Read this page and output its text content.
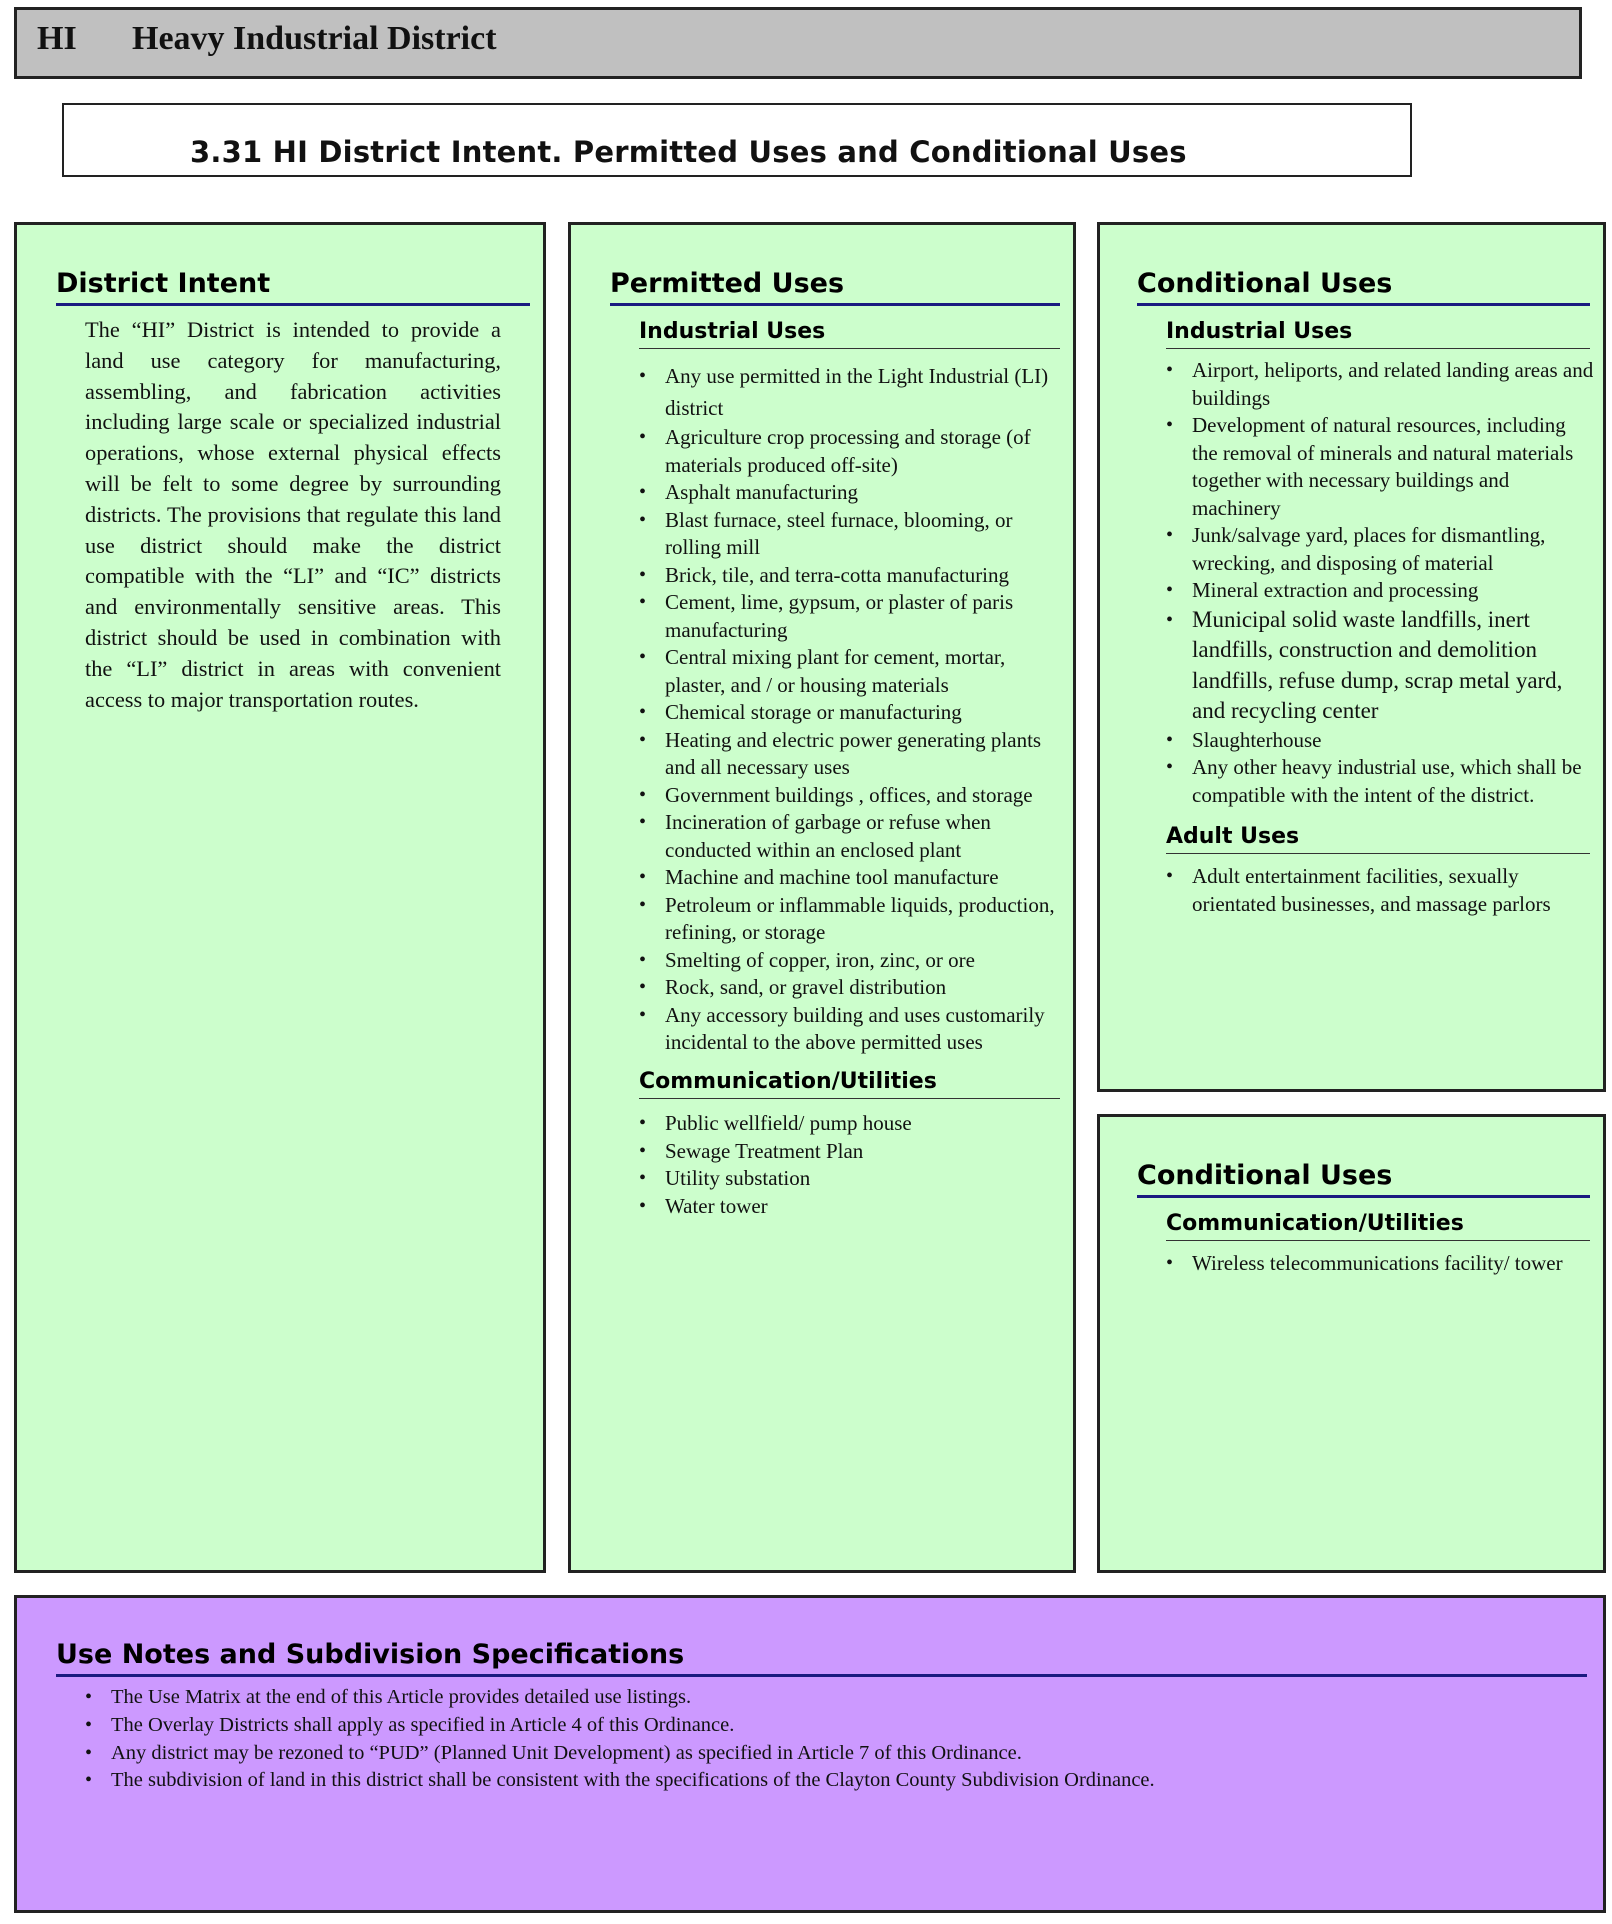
HI Heavy Industrial District
3.31 HI District Intent. Permitted Uses and Conditional Uses
District Intent
The “HI” District is intended to provide a land use category for manufacturing, assembling, and fabrication activities including large scale or specialized industrial operations, whose external physical effects will be felt to some degree by surrounding districts. The provisions that regulate this land use district should make the district compatible with the “LI” and “IC” districts and environmentally sensitive areas. This district should be used in combination with the “LI” district in areas with convenient access to major transportation routes.
Permitted Uses
Industrial Uses
• Any use permitted in the Light Industrial (LI) district
• Agriculture crop processing and storage (of materials produced off-site)
• Asphalt manufacturing
• Blast furnace, steel furnace, blooming, or rolling mill
• Brick, tile, and terra-cotta manufacturing
• Cement, lime, gypsum, or plaster of paris manufacturing
• Central mixing plant for cement, mortar, plaster, and / or housing materials
• Chemical storage or manufacturing
• Heating and electric power generating plants and all necessary uses
• Government buildings , offices, and storage
• Incineration of garbage or refuse when conducted within an enclosed plant
• Machine and machine tool manufacture
• Petroleum or inflammable liquids, production, refining, or storage
• Smelting of copper, iron, zinc, or ore
• Rock, sand, or gravel distribution
• Any accessory building and uses customarily incidental to the above permitted uses
Communication/Utilities
• Public wellfield/ pump house
• Sewage Treatment Plan
• Utility substation
• Water tower
Conditional Uses
Industrial Uses
• Airport, heliports, and related landing areas and buildings
• Development of natural resources, including the removal of minerals and natural materials together with necessary buildings and machinery
• Junk/salvage yard, places for dismantling, wrecking, and disposing of material
• Mineral extraction and processing
• Municipal solid waste landfills, inert landfills, construction and demolition landfills, refuse dump, scrap metal yard, and recycling center
• Slaughterhouse
• Any other heavy industrial use, which shall be compatible with the intent of the district.
Adult Uses
• Adult entertainment facilities, sexually orientated businesses, and massage parlors
Conditional Uses
Communication/Utilities
• Wireless telecommunications facility/ tower
Use Notes and Subdivision Specifications
• The Use Matrix at the end of this Article provides detailed use listings.
• The Overlay Districts shall apply as specified in Article 4 of this Ordinance.
• Any district may be rezoned to “PUD” (Planned Unit Development) as specified in Article 7 of this Ordinance.
• The subdivision of land in this district shall be consistent with the specifications of the Clayton County Subdivision Ordinance.
